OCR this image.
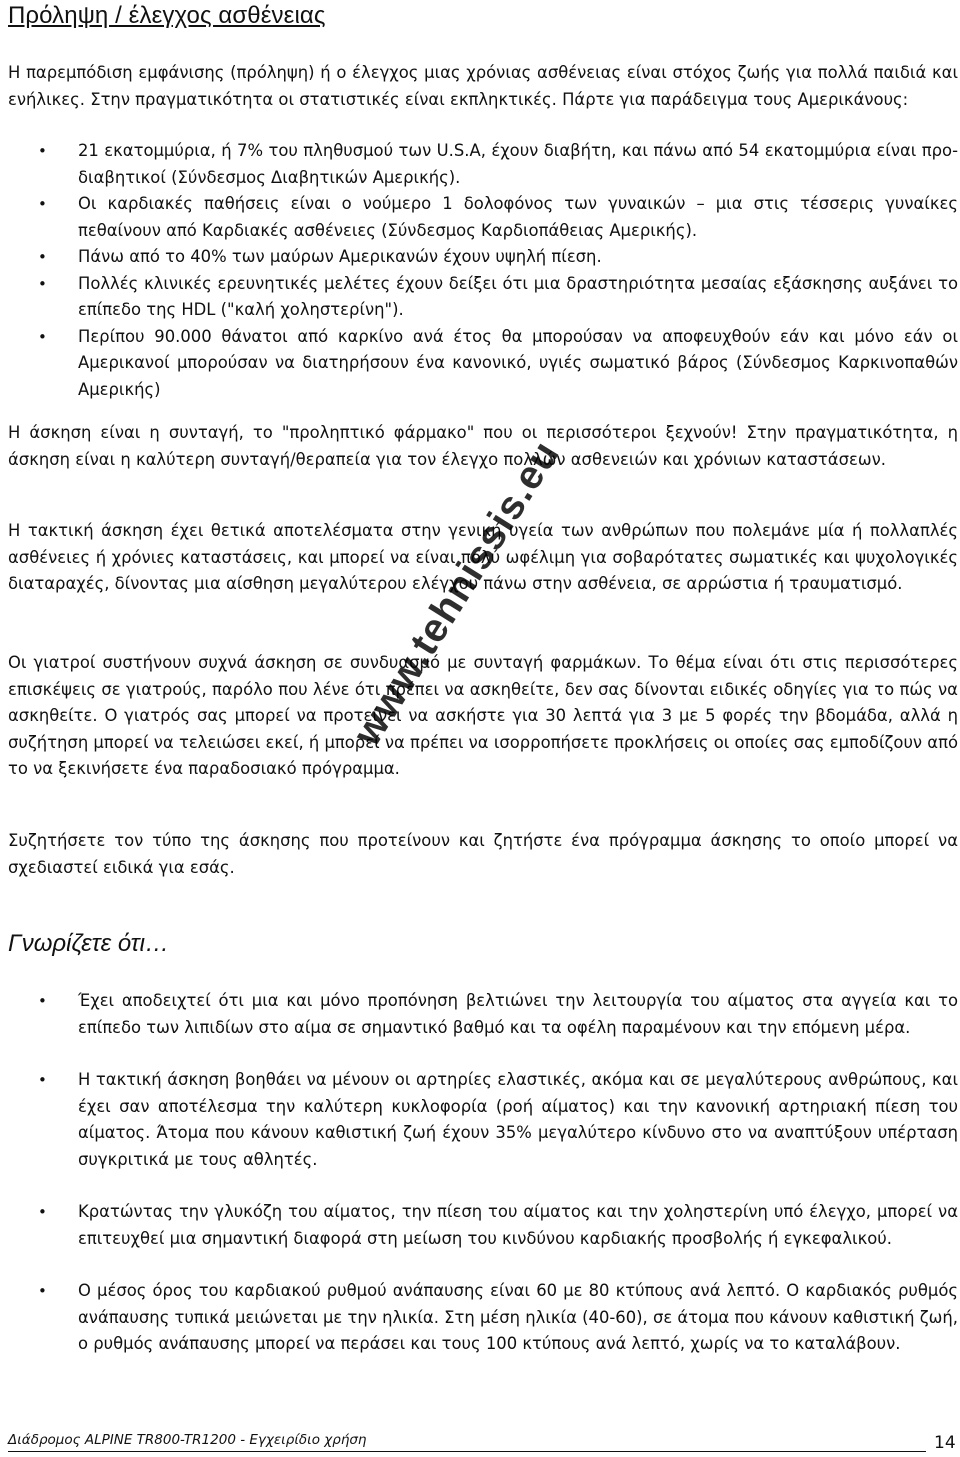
Πρόληψη / έλεγχος ασθένειας

Η παρεμπόδιση εμφάνισης (πρόληψη) ή ο έλεγχος μιας χρόνιας ασθένειας είναι στόχος ζωής για πολλά παιδιά και ενήλικες. Στην πραγματικότητα οι στατιστικές είναι εκπληκτικές. Πάρτε για παράδειγμα τους Αμερικάνους:

• 21 εκατομμύρια, ή 7% του πληθυσμού των U.S.A, έχουν διαβήτη, και πάνω από 54 εκατομμύρια είναι προ-διαβητικοί (Σύνδεσμος Διαβητικών Αμερικής).
• Οι καρδιακές παθήσεις είναι ο νούμερο 1 δολοφόνος των γυναικών – μια στις τέσσερις γυναίκες πεθαίνουν από Καρδιακές ασθένειες (Σύνδεσμος Καρδιοπάθειας Αμερικής).
• Πάνω από το 40% των μαύρων Αμερικανών έχουν υψηλή πίεση.
• Πολλές κλινικές ερευνητικές μελέτες έχουν δείξει ότι μια δραστηριότητα μεσαίας εξάσκησης αυξάνει το επίπεδο της HDL ("καλή χοληστερίνη").
• Περίπου 90.000 θάνατοι από καρκίνο ανά έτος θα μπορούσαν να αποφευχθούν εάν και μόνο εάν οι Αμερικανοί μπορούσαν να διατηρήσουν ένα κανονικό, υγιές σωματικό βάρος (Σύνδεσμος Καρκινοπαθών Αμερικής)

Η άσκηση είναι η συνταγή, το "προληπτικό φάρμακο" που οι περισσότεροι ξεχνούν! Στην πραγματικότητα, η άσκηση είναι η καλύτερη συνταγή/θεραπεία για τον έλεγχο πολλών ασθενειών και χρόνιων καταστάσεων.

Η τακτική άσκηση έχει θετικά αποτελέσματα στην γενική υγεία των ανθρώπων που πολεμάνε μία ή πολλαπλές ασθένειες ή χρόνιες καταστάσεις, και μπορεί να είναι πολύ ωφέλιμη για σοβαρότατες σωματικές και ψυχολογικές διαταραχές, δίνοντας μια αίσθηση μεγαλύτερου ελέγχου πάνω στην ασθένεια, σε αρρώστια ή τραυματισμό.

Οι γιατροί συστήνουν συχνά άσκηση σε συνδυασμό με συνταγή φαρμάκων. Το θέμα είναι ότι στις περισσότερες επισκέψεις σε γιατρούς, παρόλο που λένε ότι πρέπει να ασκηθείτε, δεν σας δίνονται ειδικές οδηγίες για το πώς να ασκηθείτε. Ο γιατρός σας μπορεί να προτείνει να ασκήστε για 30 λεπτά για 3 με 5 φορές την βδομάδα, αλλά η συζήτηση μπορεί να τελειώσει εκεί, ή μπορεί να πρέπει να ισορροπήσετε προκλήσεις οι οποίες σας εμποδίζουν από το να ξεκινήσετε ένα παραδοσιακό πρόγραμμα.

Συζητήσετε τον τύπο της άσκησης που προτείνουν και ζητήστε ένα πρόγραμμα άσκησης το οποίο μπορεί να σχεδιαστεί ειδικά για εσάς.

Γνωρίζετε ότι…
• Έχει αποδειχτεί ότι μια και μόνο προπόνηση βελτιώνει την λειτουργία του αίματος στα αγγεία και το επίπεδο των λιπιδίων στο αίμα σε σημαντικό βαθμό και τα οφέλη παραμένουν και την επόμενη μέρα.
• Η τακτική άσκηση βοηθάει να μένουν οι αρτηρίες ελαστικές, ακόμα και σε μεγαλύτερους ανθρώπους, και έχει σαν αποτέλεσμα την καλύτερη κυκλοφορία (ροή αίματος) και την κανονική αρτηριακή πίεση του αίματος. Άτομα που κάνουν καθιστική ζωή έχουν 35% μεγαλύτερο κίνδυνο στο να αναπτύξουν υπέρταση συγκριτικά με τους αθλητές.
• Κρατώντας την γλυκόζη του αίματος, την πίεση του αίματος και την χοληστερίνη υπό έλεγχο, μπορεί να επιτευχθεί μια σημαντική διαφορά στη μείωση του κινδύνου καρδιακής προσβολής ή εγκεφαλικού.
• Ο μέσος όρος του καρδιακού ρυθμού ανάπαυσης είναι 60 με 80 κτύπους ανά λεπτό. Ο καρδιακός ρυθμός ανάπαυσης τυπικά μειώνεται με την ηλικία. Στη μέση ηλικία (40-60), σε άτομα που κάνουν καθιστική ζωή, ο ρυθμός ανάπαυσης μπορεί να περάσει και τους 100 κτύπους ανά λεπτό, χωρίς να το καταλάβουν.
www.tehnissis.eu

Διάδρομος ALPINE TR800-TR1200 - Εγχειρίδιο χρήση	14
